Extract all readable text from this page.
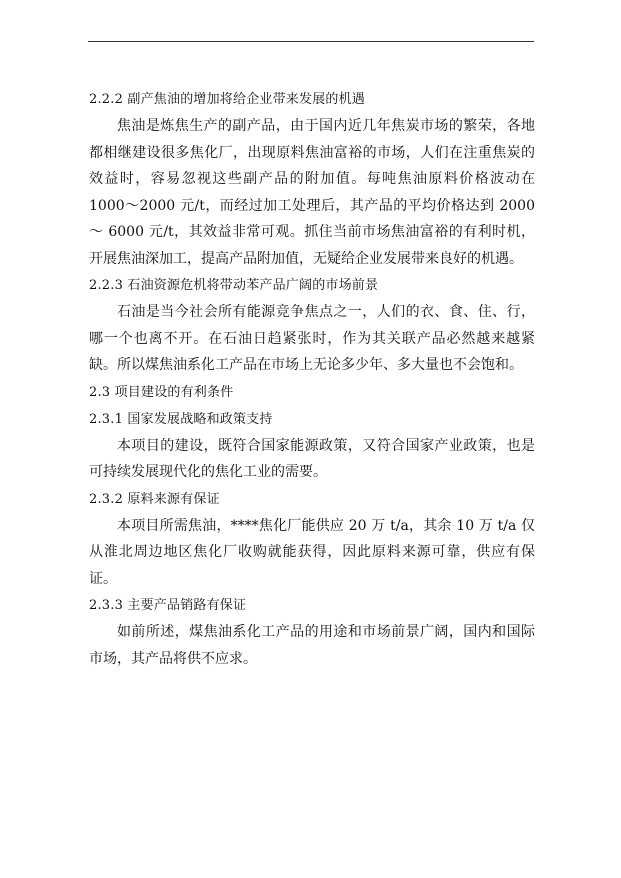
2.2.2 副产焦油的增加将给企业带来发展的机遇

焦油是炼焦生产的副产品，由于国内近几年焦炭市场的繁荣，各地都相继建设很多焦化厂，出现原料焦油富裕的市场，人们在注重焦炭的效益时，容易忽视这些副产品的附加值。每吨焦油原料价格波动在 1000～2000 元/t，而经过加工处理后，其产品的平均价格达到 2000～ 6000 元/t，其效益非常可观。抓住当前市场焦油富裕的有利时机，开展焦油深加工，提高产品附加值，无疑给企业发展带来良好的机遇。

2.2.3 石油资源危机将带动苯产品广阔的市场前景

石油是当今社会所有能源竞争焦点之一，人们的衣、食、住、行，哪一个也离不开。在石油日趋紧张时，作为其关联产品必然越来越紧缺。所以煤焦油系化工产品在市场上无论多少年、多大量也不会饱和。

2.3 项目建设的有利条件
2.3.1 国家发展战略和政策支持

本项目的建设，既符合国家能源政策，又符合国家产业政策，也是可持续发展现代化的焦化工业的需要。

2.3.2 原料来源有保证

本项目所需焦油，****焦化厂能供应 20 万 t/a，其余 10 万 t/a 仅从淮北周边地区焦化厂收购就能获得，因此原料来源可靠，供应有保证。

2.3.3 主要产品销路有保证

如前所述，煤焦油系化工产品的用途和市场前景广阔，国内和国际市场，其产品将供不应求。
